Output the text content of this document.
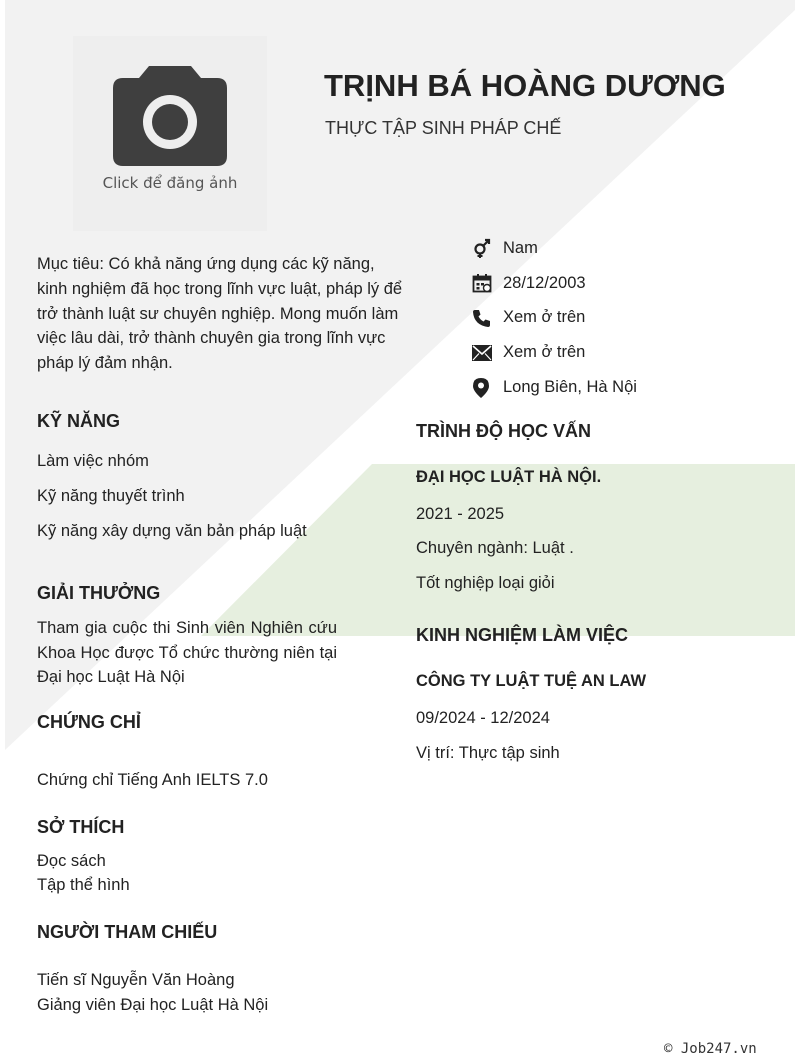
Click để đăng ảnh
TRỊNH BÁ HOÀNG DƯƠNG
THỰC TẬP SINH PHÁP CHẾ
Mục tiêu: Có khả năng ứng dụng các kỹ năng, kinh nghiệm đã học trong lĩnh vực luật, pháp lý để trở thành luật sư chuyên nghiệp. Mong muốn làm việc lâu dài, trở thành chuyên gia trong lĩnh vực pháp lý đảm nhận.
Nam
28/12/2003
Xem ở trên
Xem ở trên
Long Biên, Hà Nội
KỸ NĂNG
Làm việc nhóm
Kỹ năng thuyết trình
Kỹ năng xây dựng văn bản pháp luật
GIẢI THƯỞNG
Tham gia cuộc thi Sinh viên Nghiên cứu Khoa Học được Tổ chức thường niên tại Đại học Luật Hà Nội
CHỨNG CHỈ
Chứng chỉ Tiếng Anh IELTS 7.0
SỞ THÍCH
Đọc sách
Tập thể hình
NGƯỜI THAM CHIẾU
Tiến sĩ Nguyễn Văn Hoàng
Giảng viên Đại học Luật Hà Nội
TRÌNH ĐỘ HỌC VẤN
ĐẠI HỌC LUẬT HÀ NỘI.
2021 - 2025
Chuyên ngành: Luật .
Tốt nghiệp loại giỏi
KINH NGHIỆM LÀM VIỆC
CÔNG TY LUẬT TUỆ AN LAW
09/2024 - 12/2024
Vị trí: Thực tập sinh
© Job247.vn
